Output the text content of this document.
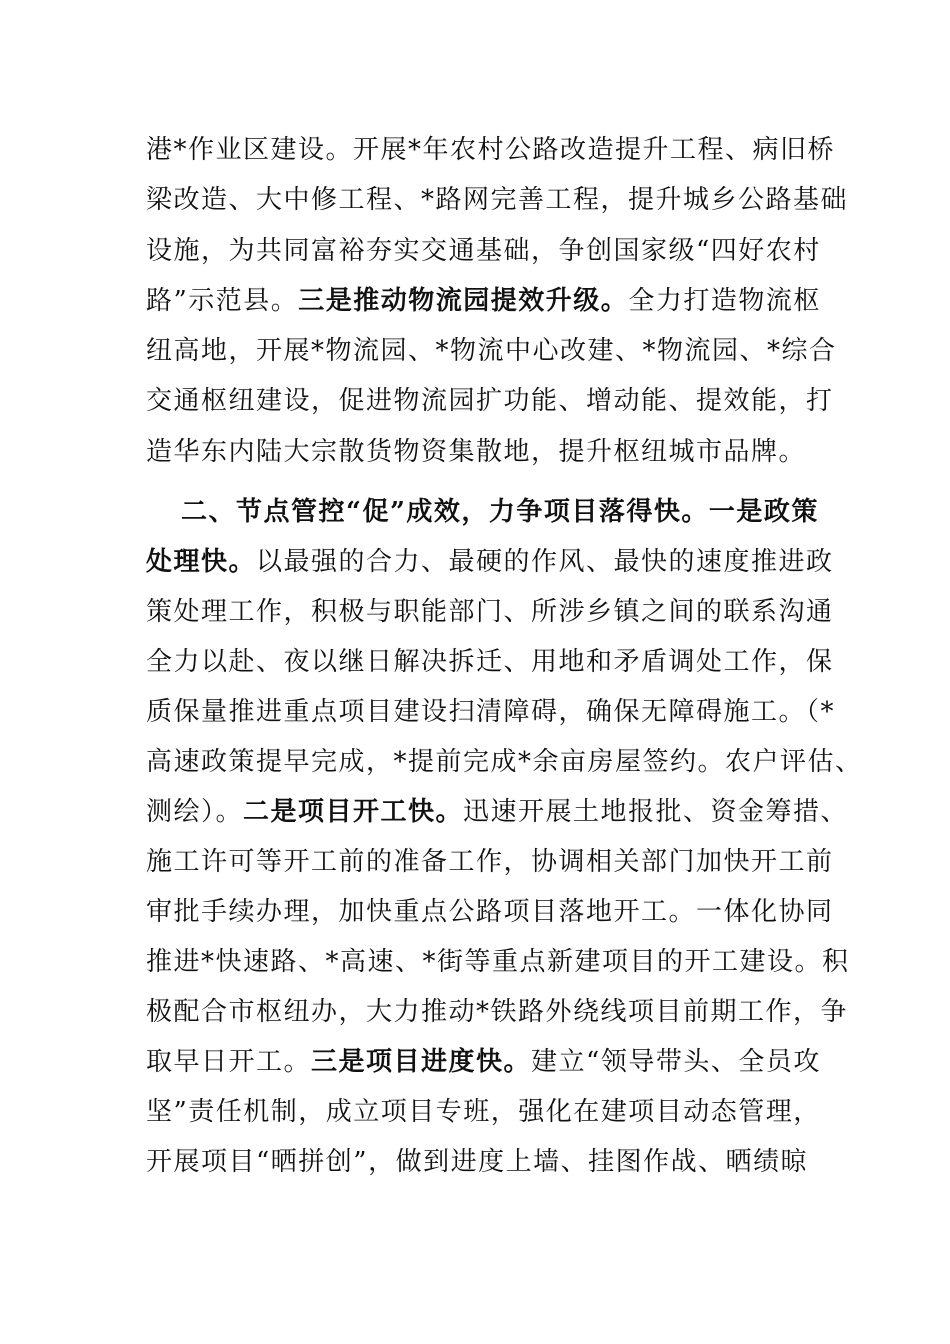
港*作业区建设。开展*年农村公路改造提升工程、病旧桥
梁改造、大中修工程、*路网完善工程，提升城乡公路基础
设施，为共同富裕夯实交通基础，争创国家级“四好农村
路”示范县。三是推动物流园提效升级。全力打造物流枢
纽高地，开展*物流园、*物流中心改建、*物流园、*综合
交通枢纽建设，促进物流园扩功能、增动能、提效能，打
造华东内陆大宗散货物资集散地，提升枢纽城市品牌。
二、节点管控“促”成效，力争项目落得快。一是政策
处理快。以最强的合力、最硬的作风、最快的速度推进政
策处理工作，积极与职能部门、所涉乡镇之间的联系沟通
全力以赴、夜以继日解决拆迁、用地和矛盾调处工作，保
质保量推进重点项目建设扫清障碍，确保无障碍施工。（*
高速政策提早完成，*提前完成*余亩房屋签约。农户评估、
测绘）。二是项目开工快。迅速开展土地报批、资金筹措、
施工许可等开工前的准备工作，协调相关部门加快开工前
审批手续办理，加快重点公路项目落地开工。一体化协同
推进*快速路、*高速、*街等重点新建项目的开工建设。积
极配合市枢纽办，大力推动*铁路外绕线项目前期工作，争
取早日开工。三是项目进度快。建立“领导带头、全员攻
坚”责任机制，成立项目专班，强化在建项目动态管理，
开展项目“晒拼创”，做到进度上墙、挂图作战、晒绩晾
